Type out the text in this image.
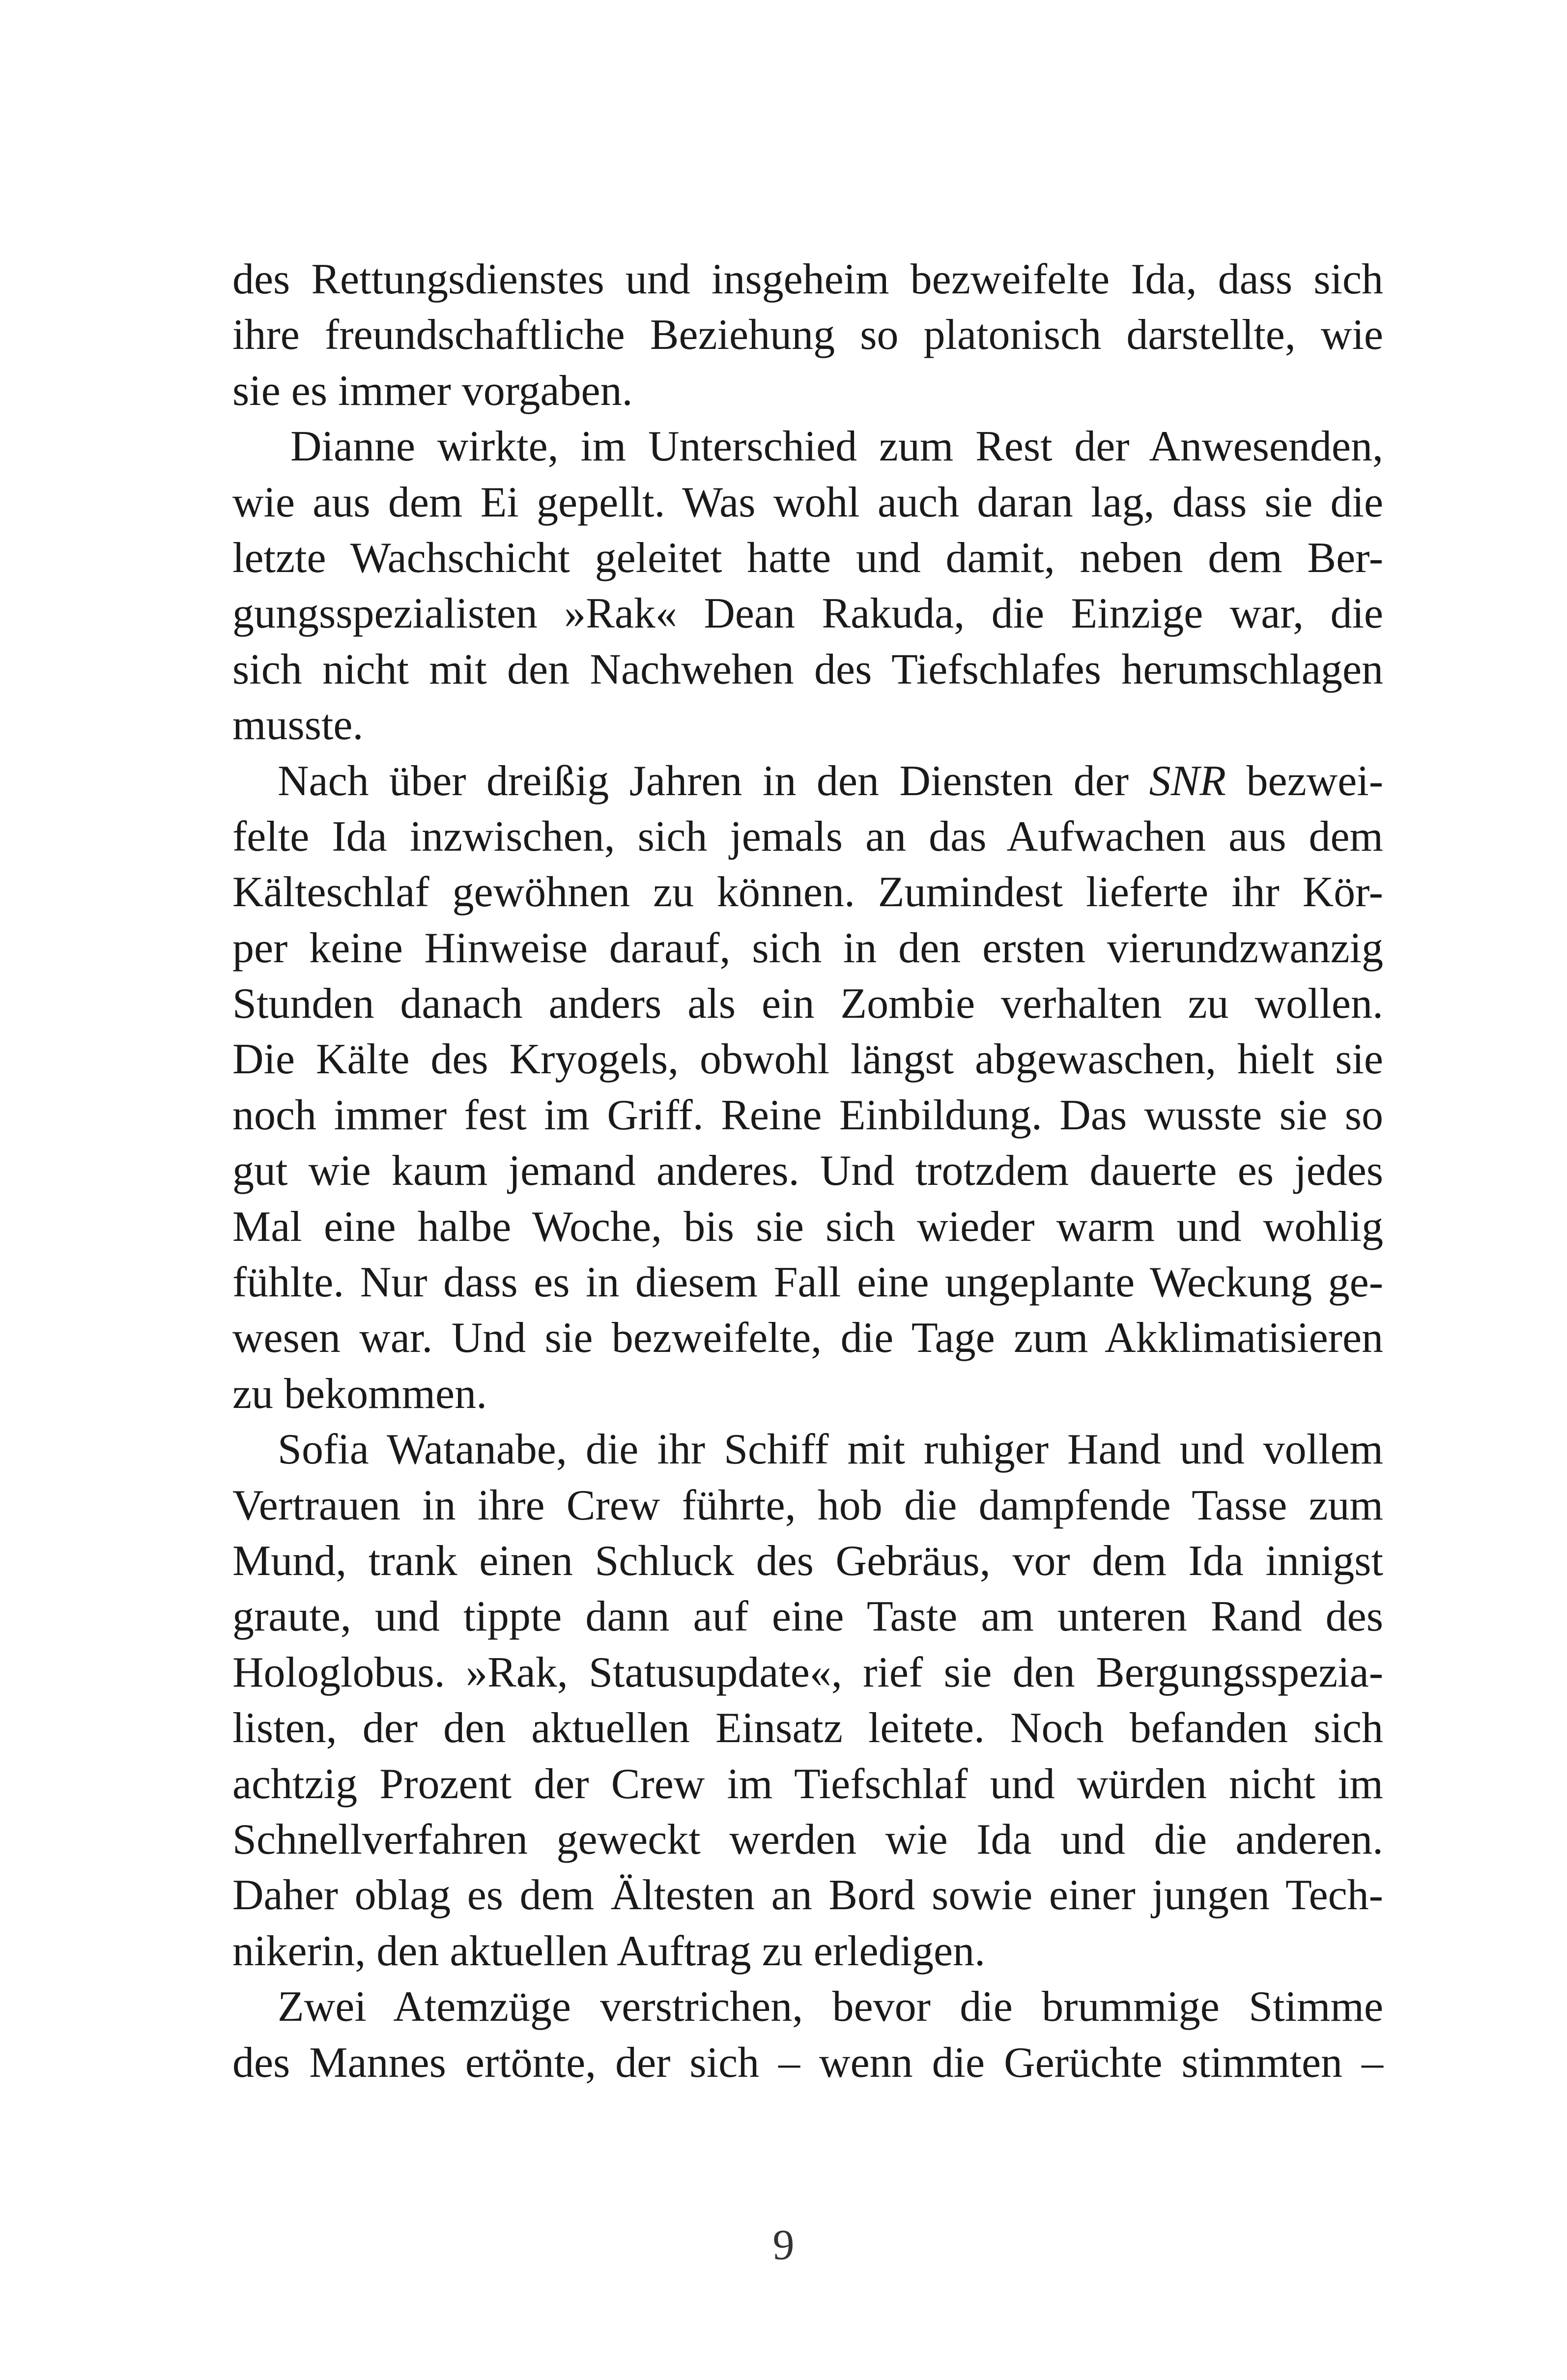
des Rettungsdienstes und insgeheim bezweifelte Ida, dass sich
ihre freundschaftliche Beziehung so platonisch darstellte, wie
sie es immer vorgaben.
Dianne wirkte, im Unterschied zum Rest der Anwesenden,
wie aus dem Ei gepellt. Was wohl auch daran lag, dass sie die
letzte Wachschicht geleitet hatte und damit, neben dem Ber-
gungsspezialisten »Rak« Dean Rakuda, die Einzige war, die
sich nicht mit den Nachwehen des Tiefschlafes herumschlagen
musste.
Nach über dreißig Jahren in den Diensten der SNR bezwei-
felte Ida inzwischen, sich jemals an das Aufwachen aus dem
Kälteschlaf gewöhnen zu können. Zumindest lieferte ihr Kör-
per keine Hinweise darauf, sich in den ersten vierundzwanzig
Stunden danach anders als ein Zombie verhalten zu wollen.
Die Kälte des Kryogels, obwohl längst abgewaschen, hielt sie
noch immer fest im Griff. Reine Einbildung. Das wusste sie so
gut wie kaum jemand anderes. Und trotzdem dauerte es jedes
Mal eine halbe Woche, bis sie sich wieder warm und wohlig
fühlte. Nur dass es in diesem Fall eine ungeplante Weckung ge-
wesen war. Und sie bezweifelte, die Tage zum Akklimatisieren
zu bekommen.
Sofia Watanabe, die ihr Schiff mit ruhiger Hand und vollem
Vertrauen in ihre Crew führte, hob die dampfende Tasse zum
Mund, trank einen Schluck des Gebräus, vor dem Ida innigst
graute, und tippte dann auf eine Taste am unteren Rand des
Hologlobus. »Rak, Statusupdate«, rief sie den Bergungsspezia-
listen, der den aktuellen Einsatz leitete. Noch befanden sich
achtzig Prozent der Crew im Tiefschlaf und würden nicht im
Schnellverfahren geweckt werden wie Ida und die anderen.
Daher oblag es dem Ältesten an Bord sowie einer jungen Tech-
nikerin, den aktuellen Auftrag zu erledigen.
Zwei Atemzüge verstrichen, bevor die brummige Stimme
des Mannes ertönte, der sich – wenn die Gerüchte stimmten –
9
